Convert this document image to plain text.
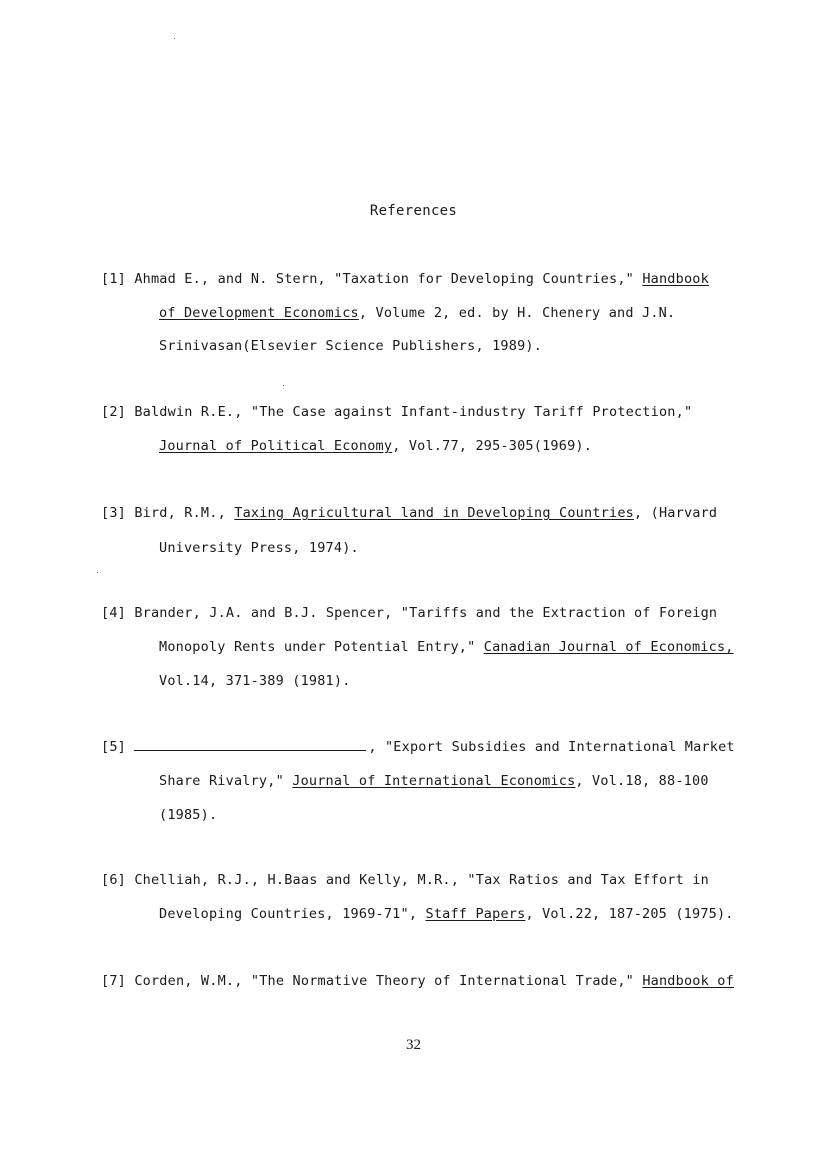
References
[1] Ahmad E., and N. Stern, "Taxation for Developing Countries," Handbook
of Development Economics, Volume 2, ed. by H. Chenery and J.N.
Srinivasan(Elsevier Science Publishers, 1989).
[2] Baldwin R.E., "The Case against Infant-industry Tariff Protection,"
Journal of Political Economy, Vol.77, 295-305(1969).
[3] Bird, R.M., Taxing Agricultural land in Developing Countries, (Harvard
University Press, 1974).
[4] Brander, J.A. and B.J. Spencer, "Tariffs and the Extraction of Foreign
Monopoly Rents under Potential Entry," Canadian Journal of Economics,
Vol.14, 371-389 (1981).
[5]	, "Export Subsidies and International Market
Share Rivalry," Journal of International Economics, Vol.18, 88-100
(1985).
[6] Chelliah, R.J., H.Baas and Kelly, M.R., "Tax Ratios and Tax Effort in
Developing Countries, 1969-71", Staff Papers, Vol.22, 187-205 (1975).
[7] Corden, W.M., "The Normative Theory of International Trade," Handbook of
32
